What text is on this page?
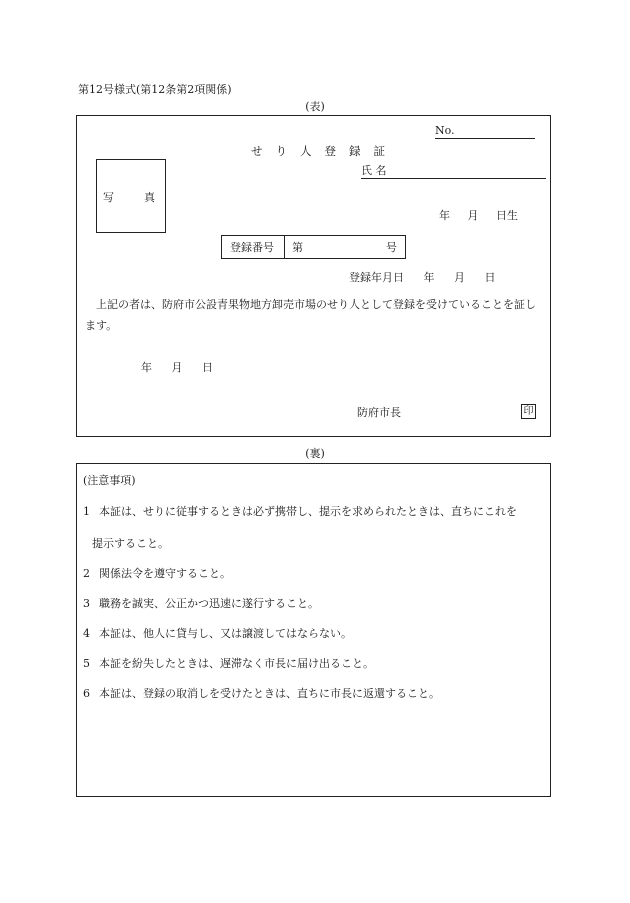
第12号様式(第12条第2項関係)
(表)
No.
せり人登録証
氏 名
写真
年 月 日生
登録番号 第	号
登録年月日 年 月 日
上記の者は、防府市公設青果物地方卸売市場のせり人として登録を受けていることを証します。
年 月 日
防府市長	印
(裏)
(注意事項)
1 本証は、せりに従事するときは必ず携帯し、提示を求められたときは、直ちにこれを
提示すること。
2 関係法令を遵守すること。
3 職務を誠実、公正かつ迅速に遂行すること。
4 本証は、他人に貸与し、又は譲渡してはならない。
5 本証を紛失したときは、遅滞なく市長に届け出ること。
6 本証は、登録の取消しを受けたときは、直ちに市長に返還すること。
